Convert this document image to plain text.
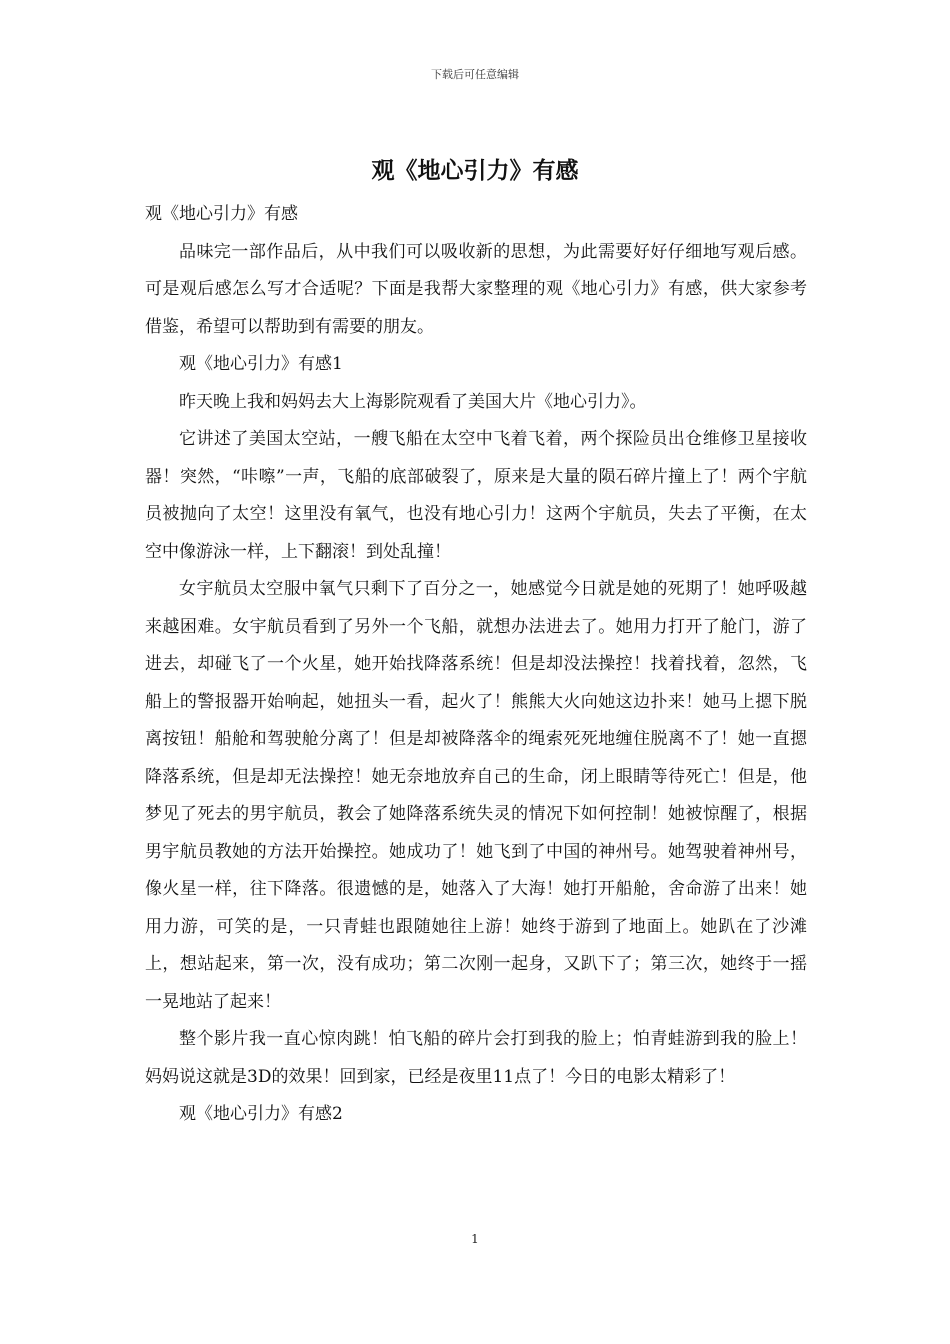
下载后可任意编辑
观《地心引力》有感

观《地心引力》有感

品味完一部作品后，从中我们可以吸收新的思想，为此需要好好仔细地写观后感。可是观后感怎么写才合适呢？下面是我帮大家整理的观《地心引力》有感，供大家参考借鉴，希望可以帮助到有需要的朋友。

观《地心引力》有感1

昨天晚上我和妈妈去大上海影院观看了美国大片《地心引力》。

它讲述了美国太空站，一艘飞船在太空中飞着飞着，两个探险员出仓维修卫星接收器！突然，“咔嚓”一声，飞船的底部破裂了，原来是大量的陨石碎片撞上了！两个宇航员被抛向了太空！这里没有氧气，也没有地心引力！这两个宇航员，失去了平衡，在太空中像游泳一样，上下翻滚！到处乱撞！

女宇航员太空服中氧气只剩下了百分之一，她感觉今日就是她的死期了！她呼吸越来越困难。女宇航员看到了另外一个飞船，就想办法进去了。她用力打开了舱门，游了进去，却碰飞了一个火星，她开始找降落系统！但是却没法操控！找着找着，忽然，飞船上的警报器开始响起，她扭头一看，起火了！熊熊大火向她这边扑来！她马上摁下脱离按钮！船舱和驾驶舱分离了！但是却被降落伞的绳索死死地缠住脱离不了！她一直摁降落系统，但是却无法操控！她无奈地放弃自己的生命，闭上眼睛等待死亡！但是，他梦见了死去的男宇航员，教会了她降落系统失灵的情况下如何控制！她被惊醒了，根据男宇航员教她的方法开始操控。她成功了！她飞到了中国的神州号。她驾驶着神州号，像火星一样，往下降落。很遗憾的是，她落入了大海！她打开船舱，舍命游了出来！她用力游，可笑的是，一只青蛙也跟随她往上游！她终于游到了地面上。她趴在了沙滩上，想站起来，第一次，没有成功；第二次刚一起身，又趴下了；第三次，她终于一摇一晃地站了起来！

整个影片我一直心惊肉跳！怕飞船的碎片会打到我的脸上；怕青蛙游到我的脸上！妈妈说这就是3D的效果！回到家，已经是夜里11点了！今日的电影太精彩了！

观《地心引力》有感2

1
